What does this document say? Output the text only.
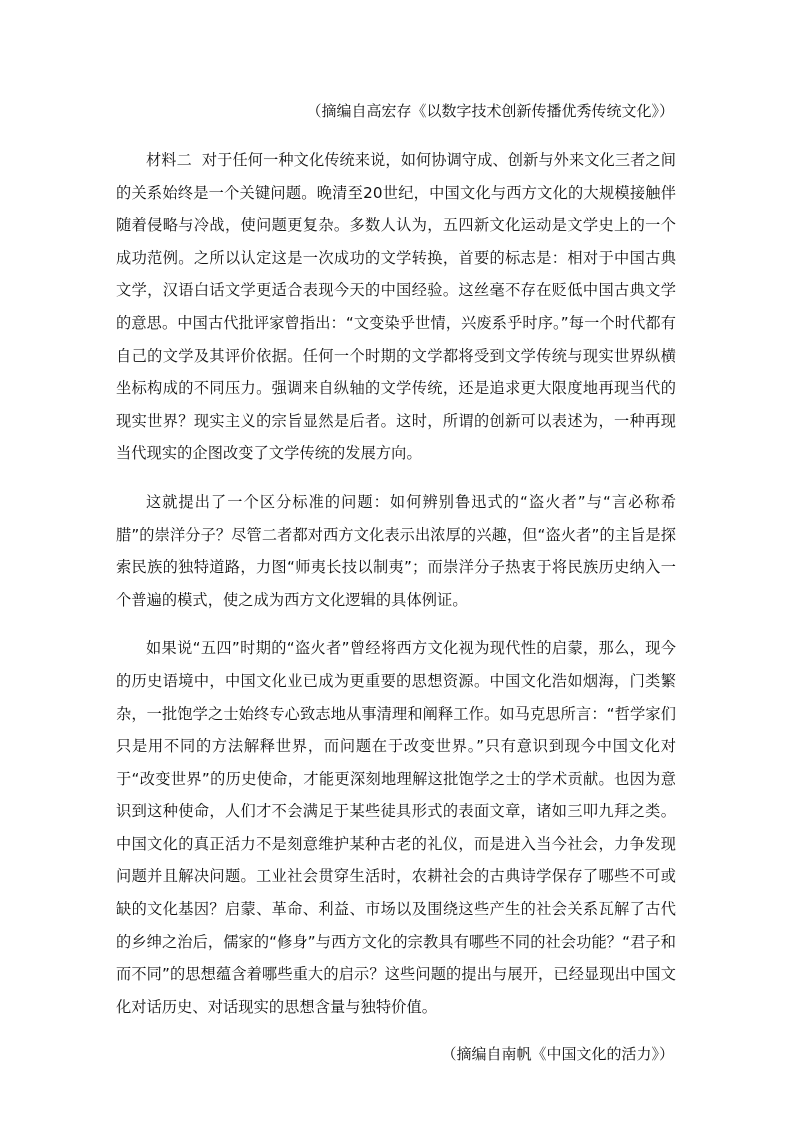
（摘编自高宏存《以数字技术创新传播优秀传统文化》）

材料二 对于任何一种文化传统来说，如何协调守成、创新与外来文化三者之间的关系始终是一个关键问题。晚清至20世纪，中国文化与西方文化的大规模接触伴随着侵略与冷战，使问题更复杂。多数人认为，五四新文化运动是文学史上的一个成功范例。之所以认定这是一次成功的文学转换，首要的标志是：相对于中国古典文学，汉语白话文学更适合表现今天的中国经验。这丝毫不存在贬低中国古典文学的意思。中国古代批评家曾指出：“文变染乎世情，兴废系乎时序。”每一个时代都有自己的文学及其评价依据。任何一个时期的文学都将受到文学传统与现实世界纵横坐标构成的不同压力。强调来自纵轴的文学传统，还是追求更大限度地再现当代的现实世界？现实主义的宗旨显然是后者。这时，所谓的创新可以表述为，一种再现当代现实的企图改变了文学传统的发展方向。

这就提出了一个区分标准的问题：如何辨别鲁迅式的“盗火者”与“言必称希腊”的崇洋分子？尽管二者都对西方文化表示出浓厚的兴趣，但“盗火者”的主旨是探索民族的独特道路，力图“师夷长技以制夷”；而崇洋分子热衷于将民族历史纳入一个普遍的模式，使之成为西方文化逻辑的具体例证。

如果说“五四”时期的“盗火者”曾经将西方文化视为现代性的启蒙，那么，现今的历史语境中，中国文化业已成为更重要的思想资源。中国文化浩如烟海，门类繁杂，一批饱学之士始终专心致志地从事清理和阐释工作。如马克思所言：“哲学家们只是用不同的方法解释世界，而问题在于改变世界。”只有意识到现今中国文化对于“改变世界”的历史使命，才能更深刻地理解这批饱学之士的学术贡献。也因为意识到这种使命，人们才不会满足于某些徒具形式的表面文章，诸如三叩九拜之类。中国文化的真正活力不是刻意维护某种古老的礼仪，而是进入当今社会，力争发现问题并且解决问题。工业社会贯穿生活时，农耕社会的古典诗学保存了哪些不可或缺的文化基因？启蒙、革命、利益、市场以及围绕这些产生的社会关系瓦解了古代的乡绅之治后，儒家的“修身”与西方文化的宗教具有哪些不同的社会功能？“君子和而不同”的思想蕴含着哪些重大的启示？这些问题的提出与展开，已经显现出中国文化对话历史、对话现实的思想含量与独特价值。

（摘编自南帆《中国文化的活力》）
